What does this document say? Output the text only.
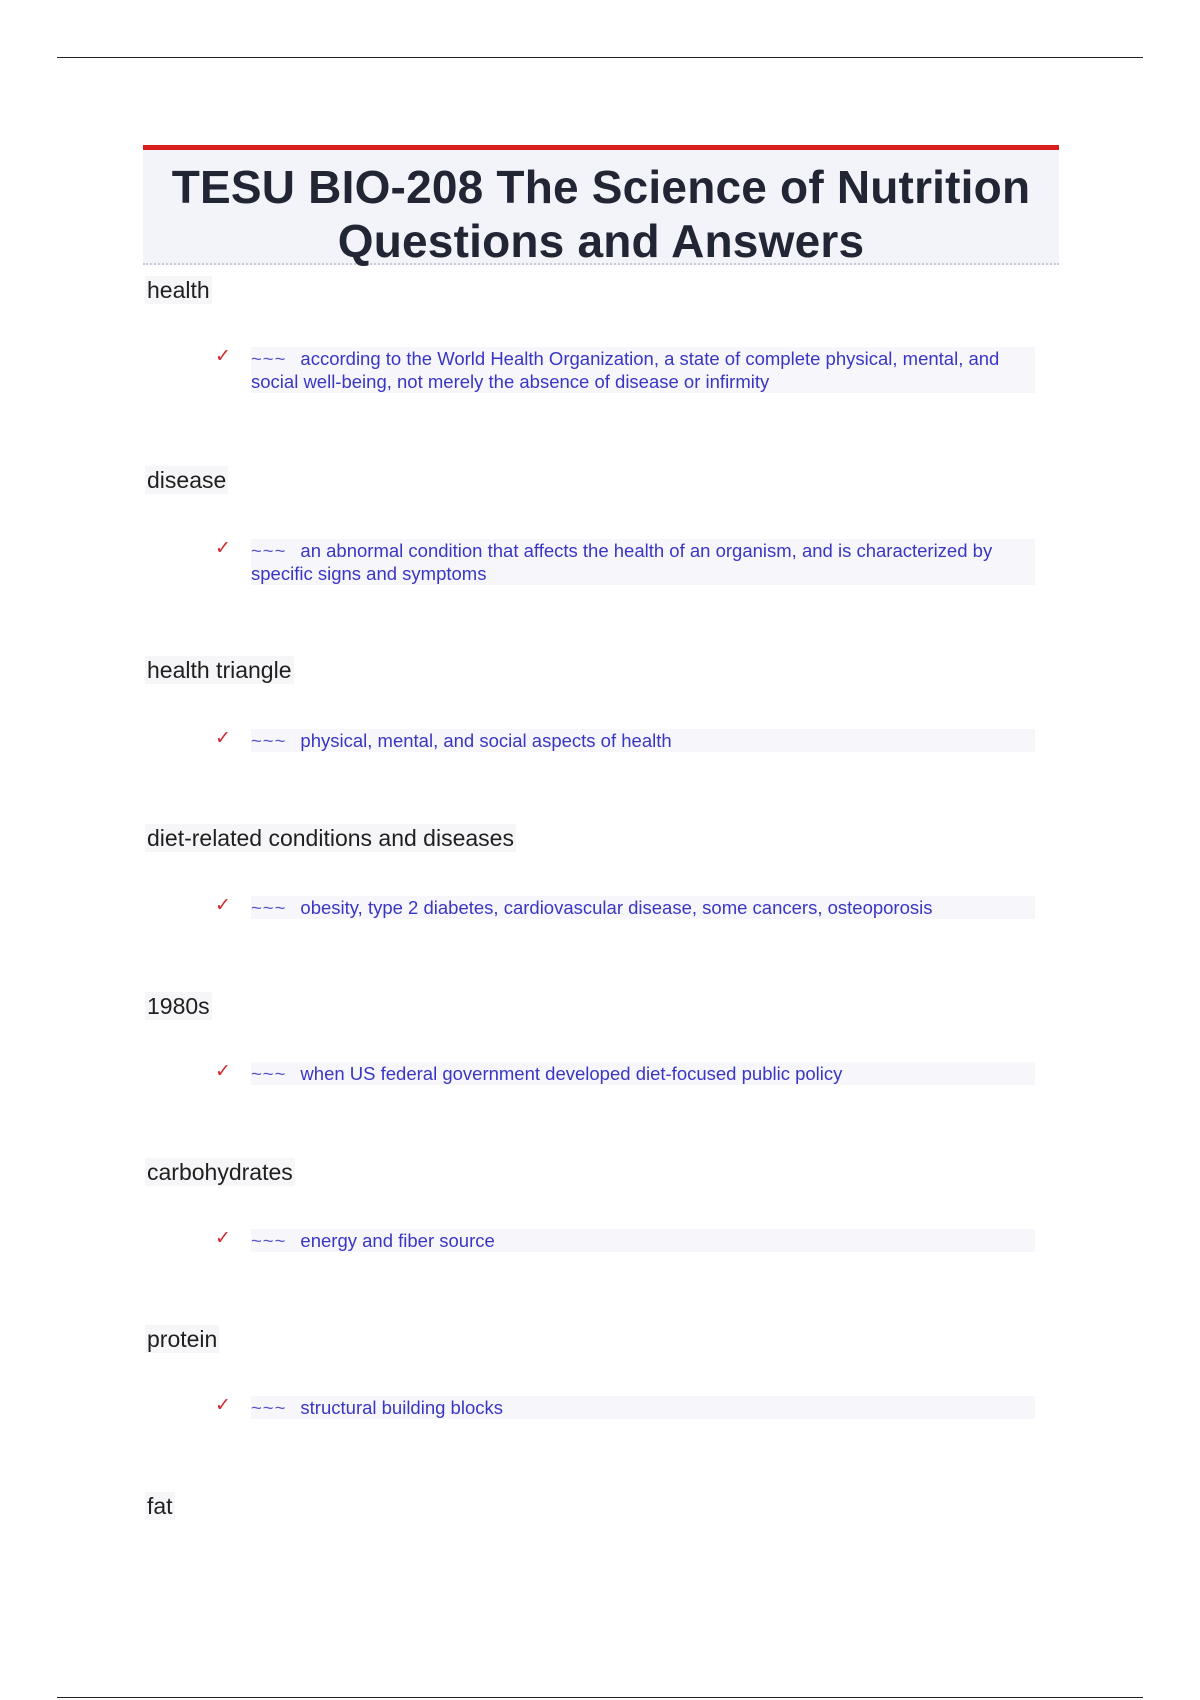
TESU BIO-208 The Science of Nutrition
Questions and Answers
health
✓	~~~ according to the World Health Organization, a state of complete physical, mental, and social well-being, not merely the absence of disease or infirmity
disease
✓	~~~ an abnormal condition that affects the health of an organism, and is characterized by specific signs and symptoms
health triangle
✓	~~~ physical, mental, and social aspects of health
diet-related conditions and diseases
✓	~~~ obesity, type 2 diabetes, cardiovascular disease, some cancers, osteoporosis
1980s
✓	~~~ when US federal government developed diet-focused public policy
carbohydrates
✓	~~~ energy and fiber source
protein
✓	~~~ structural building blocks
fat
